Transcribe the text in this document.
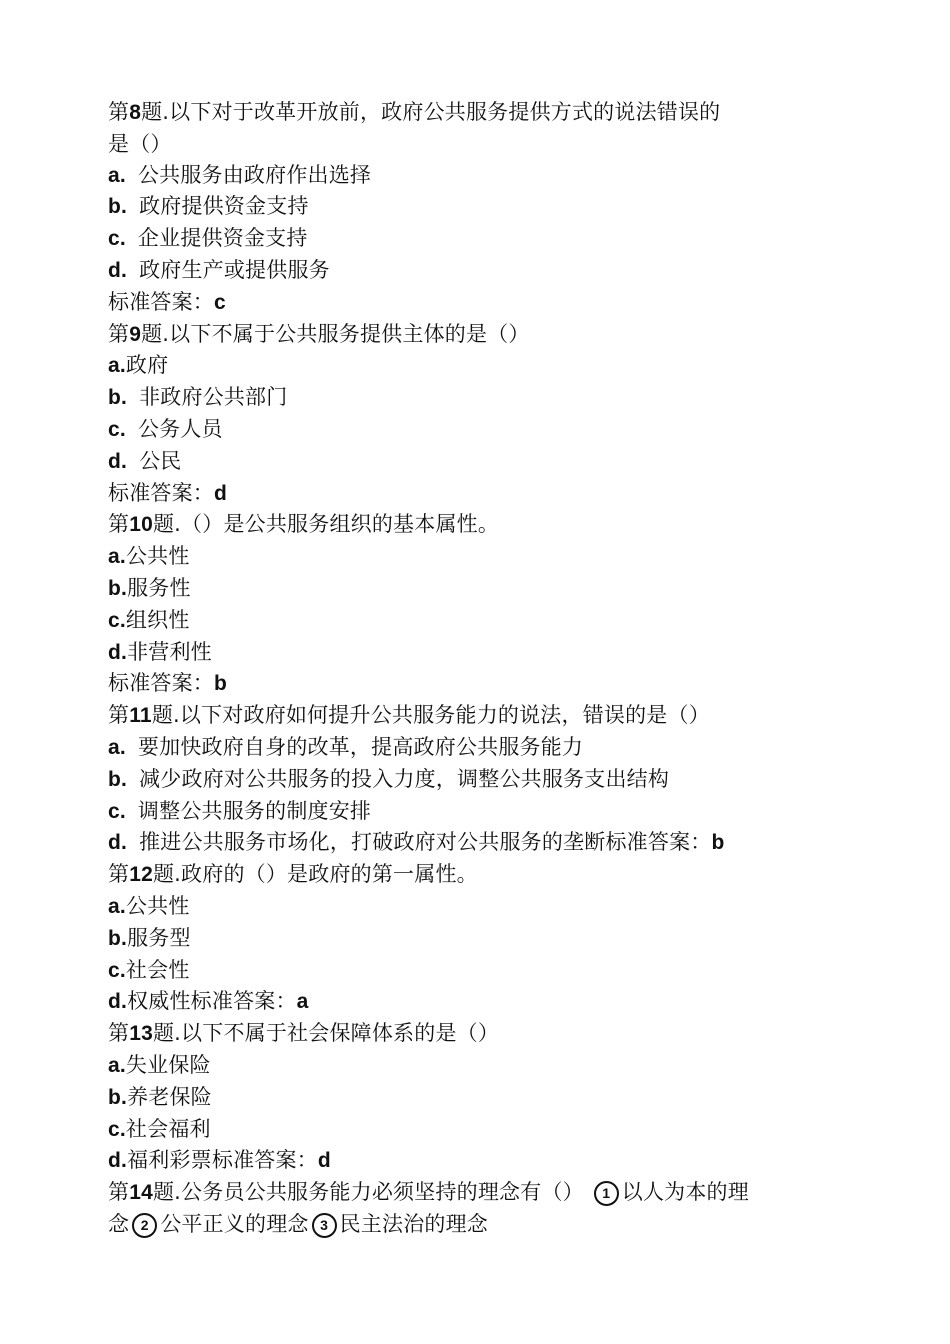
第8题.以下对于改革开放前，政府公共服务提供方式的说法错误的
是（）
a. 公共服务由政府作出选择
b. 政府提供资金支持
c. 企业提供资金支持
d. 政府生产或提供服务
标准答案：c
第9题.以下不属于公共服务提供主体的是（）
a.政府
b. 非政府公共部门
c. 公务人员
d. 公民
标准答案：d
第10题.（）是公共服务组织的基本属性。
a.公共性
b.服务性
c.组织性
d.非营利性
标准答案：b
第11题.以下对政府如何提升公共服务能力的说法，错误的是（）
a. 要加快政府自身的改革，提高政府公共服务能力
b. 减少政府对公共服务的投入力度，调整公共服务支出结构
c. 调整公共服务的制度安排
d. 推进公共服务市场化，打破政府对公共服务的垄断标准答案：b
第12题.政府的（）是政府的第一属性。
a.公共性
b.服务型
c.社会性
d.权威性标准答案：a
第13题.以下不属于社会保障体系的是（）
a.失业保险
b.养老保险
c.社会福利
d.福利彩票标准答案：d
第14题.公务员公共服务能力必须坚持的理念有（） 1 以人为本的理
念 2 公平正义的理念 3 民主法治的理念
